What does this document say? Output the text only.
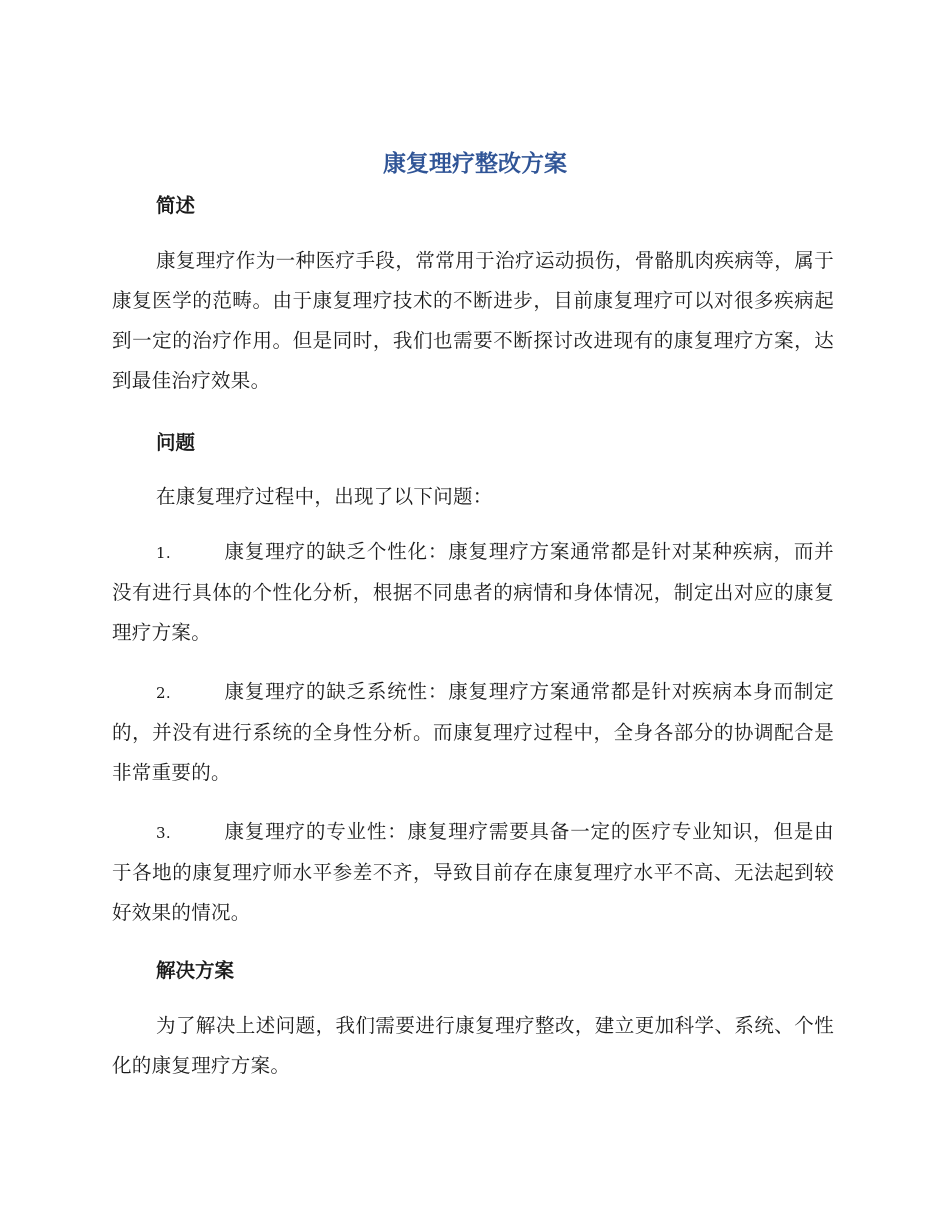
康复理疗整改方案
简述
康复理疗作为一种医疗手段，常常用于治疗运动损伤，骨骼肌肉疾病等，属于康复医学的范畴。由于康复理疗技术的不断进步，目前康复理疗可以对很多疾病起到一定的治疗作用。但是同时，我们也需要不断探讨改进现有的康复理疗方案，达到最佳治疗效果。
问题
在康复理疗过程中，出现了以下问题：
1.	康复理疗的缺乏个性化：康复理疗方案通常都是针对某种疾病，而并没有进行具体的个性化分析，根据不同患者的病情和身体情况，制定出对应的康复理疗方案。
2.	康复理疗的缺乏系统性：康复理疗方案通常都是针对疾病本身而制定的，并没有进行系统的全身性分析。而康复理疗过程中，全身各部分的协调配合是非常重要的。
3.	康复理疗的专业性：康复理疗需要具备一定的医疗专业知识，但是由于各地的康复理疗师水平参差不齐，导致目前存在康复理疗水平不高、无法起到较好效果的情况。
解决方案
为了解决上述问题，我们需要进行康复理疗整改，建立更加科学、系统、个性化的康复理疗方案。
